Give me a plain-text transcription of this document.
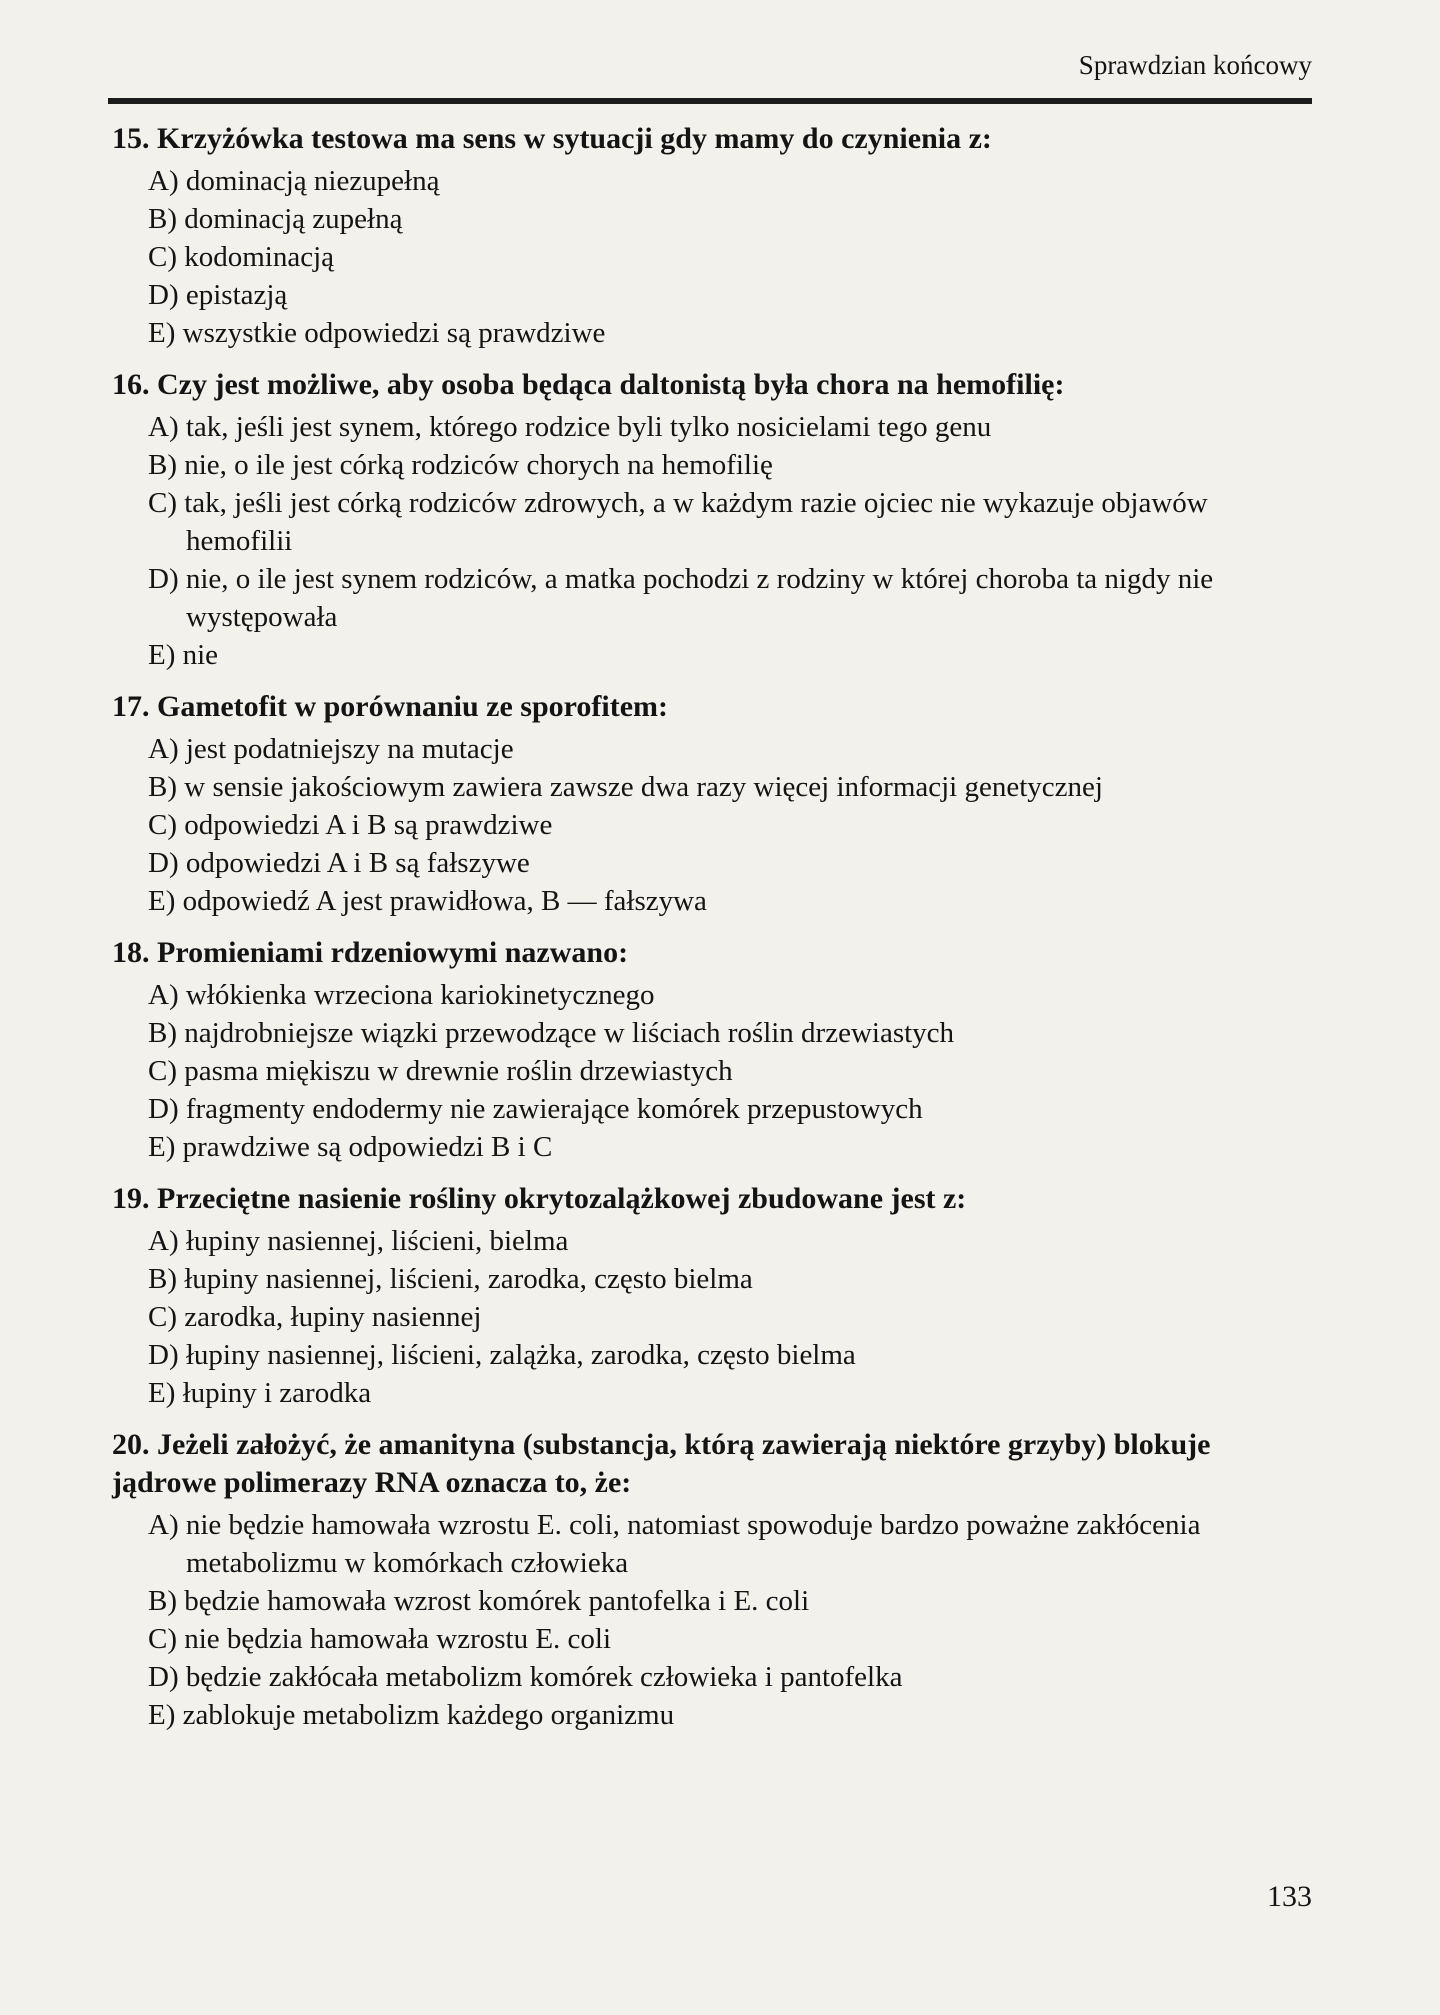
Sprawdzian końcowy
15. Krzyżówka testowa ma sens w sytuacji gdy mamy do czynienia z:
A) dominacją niezupełną
B) dominacją zupełną
C) kodominacją
D) epistazją
E) wszystkie odpowiedzi są prawdziwe
16. Czy jest możliwe, aby osoba będąca daltonistą była chora na hemofilię:
A) tak, jeśli jest synem, którego rodzice byli tylko nosicielami tego genu
B) nie, o ile jest córką rodziców chorych na hemofilię
C) tak, jeśli jest córką rodziców zdrowych, a w każdym razie ojciec nie wykazuje objawów hemofilii
D) nie, o ile jest synem rodziców, a matka pochodzi z rodziny w której choroba ta nigdy nie występowała
E) nie
17. Gametofit w porównaniu ze sporofitem:
A) jest podatniejszy na mutacje
B) w sensie jakościowym zawiera zawsze dwa razy więcej informacji genetycznej
C) odpowiedzi A i B są prawdziwe
D) odpowiedzi A i B są fałszywe
E) odpowiedź A jest prawidłowa, B — fałszywa
18. Promieniami rdzeniowymi nazwano:
A) włókienka wrzeciona kariokinetycznego
B) najdrobniejsze wiązki przewodzące w liściach roślin drzewiastych
C) pasma miękiszu w drewnie roślin drzewiastych
D) fragmenty endodermy nie zawierające komórek przepustowych
E) prawdziwe są odpowiedzi B i C
19. Przeciętne nasienie rośliny okrytozalążkowej zbudowane jest z:
A) łupiny nasiennej, liścieni, bielma
B) łupiny nasiennej, liścieni, zarodka, często bielma
C) zarodka, łupiny nasiennej
D) łupiny nasiennej, liścieni, zalążka, zarodka, często bielma
E) łupiny i zarodka
20. Jeżeli założyć, że amanityna (substancja, którą zawierają niektóre grzyby) blokuje jądrowe polimerazy RNA oznacza to, że:
A) nie będzie hamowała wzrostu E. coli, natomiast spowoduje bardzo poważne zakłócenia metabolizmu w komórkach człowieka
B) będzie hamowała wzrost komórek pantofelka i E. coli
C) nie będzia hamowała wzrostu E. coli
D) będzie zakłócała metabolizm komórek człowieka i pantofelka
E) zablokuje metabolizm każdego organizmu
133
